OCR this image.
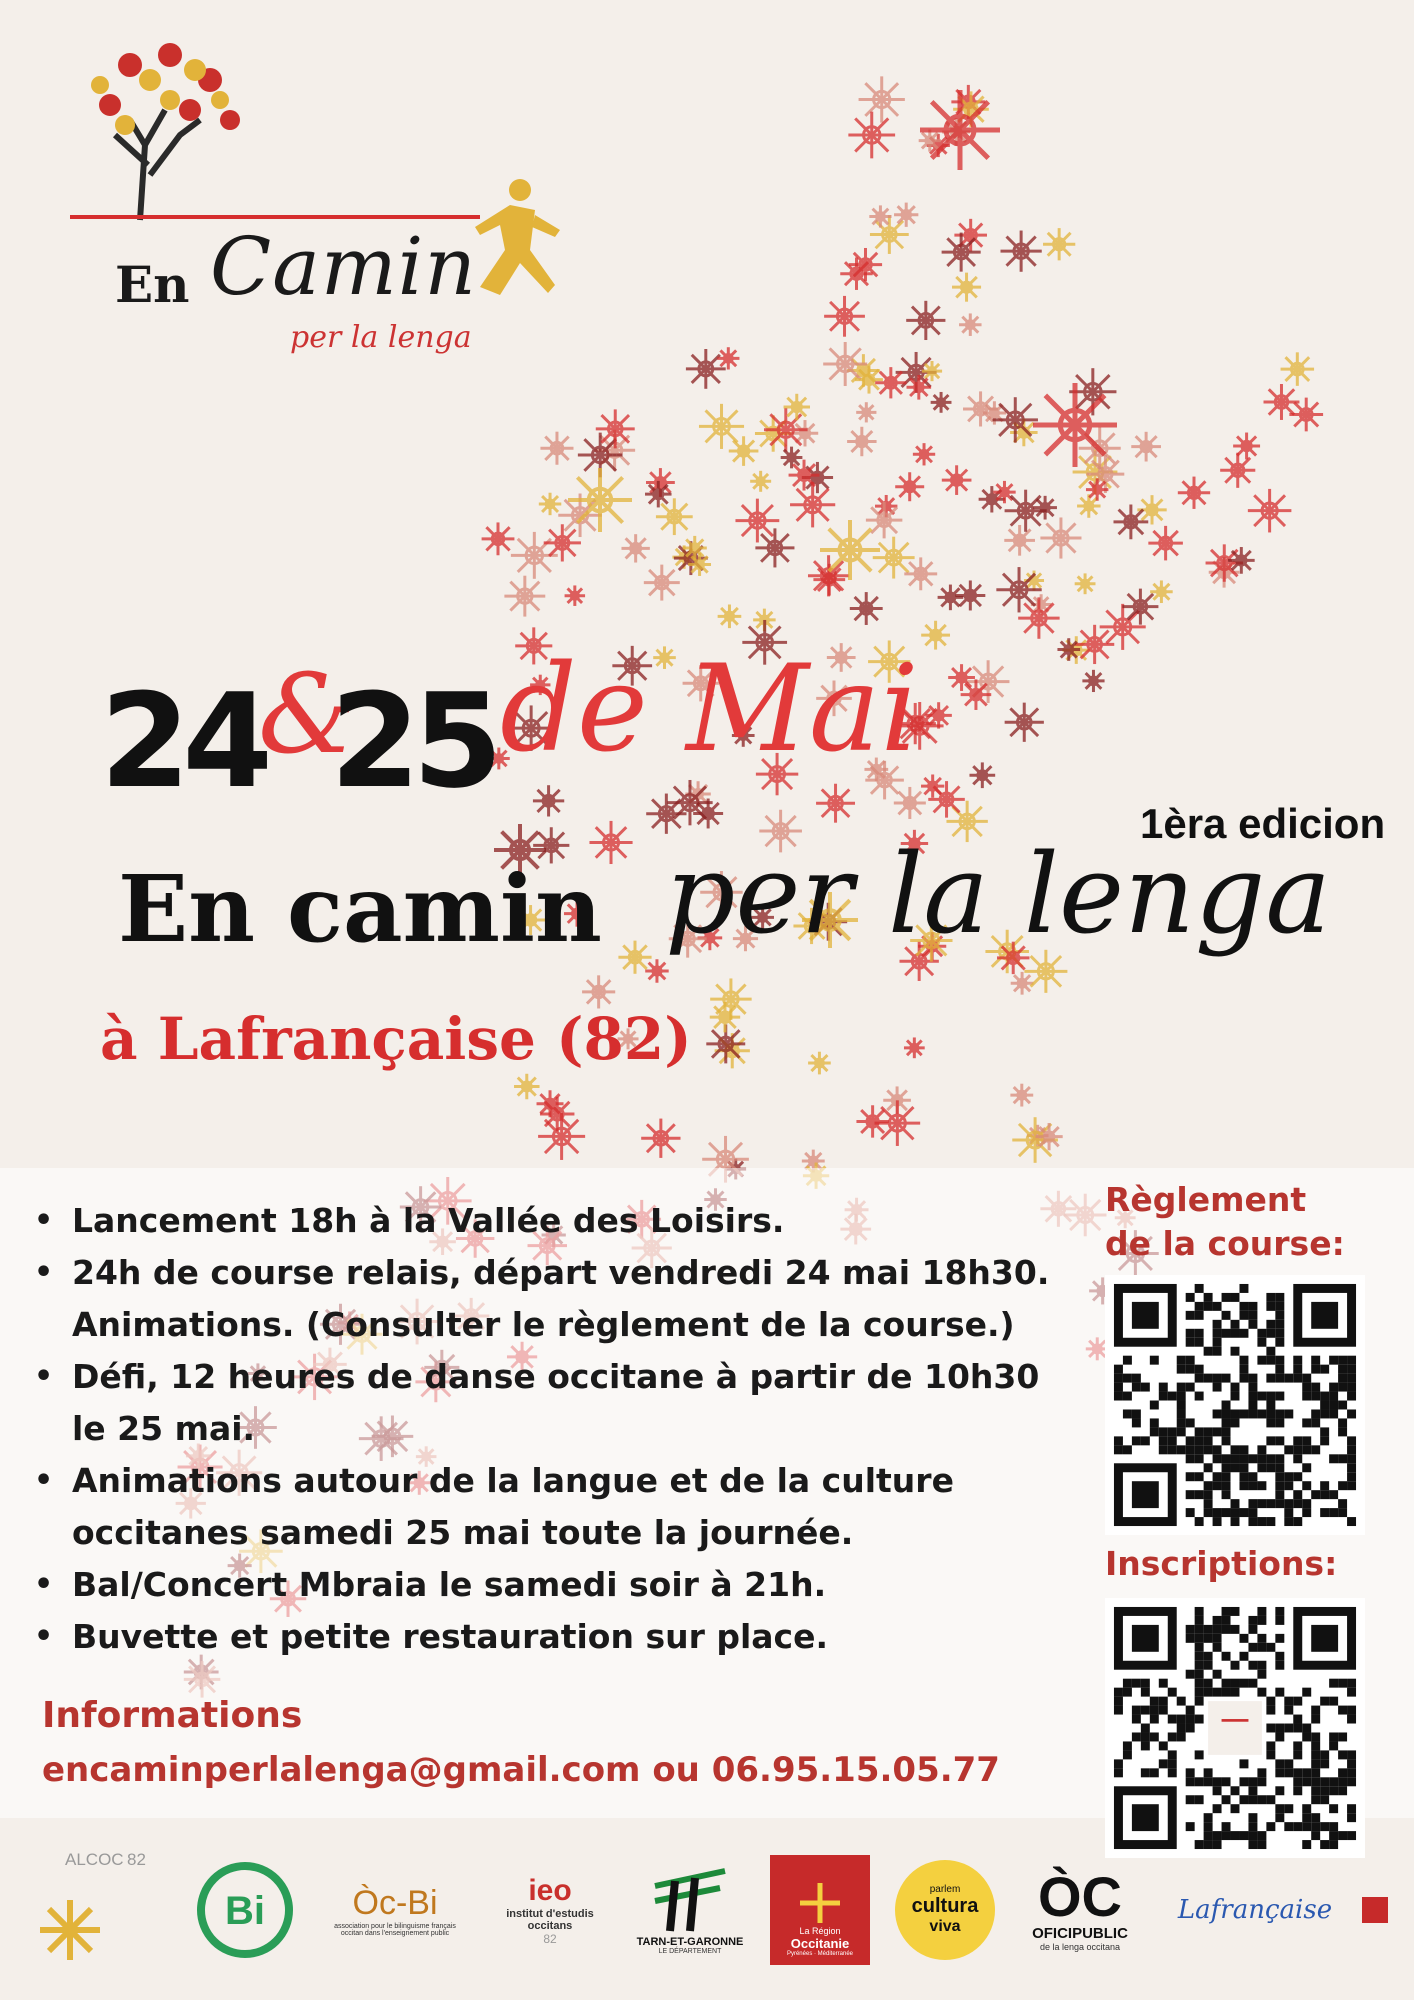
En Camin
per la lenga
24
&
25 de Mai
1èra edicion
En camin per la lenga
à Lafrançaise (82)
• Lancement 18h à la Vallée des Loisirs.
• 24h de course relais, départ vendredi 24 mai 18h30.
Animations. (Consulter le règlement de la course.)
• Défi, 12 heures de danse occitane à partir de 10h30
le 25 mai.
• Animations autour de la langue et de la culture
occitanes samedi 25 mai toute la journée.
• Bal/Concert Mbraia le samedi soir à 21h.
• Buvette et petite restauration sur place.
Informations
encaminperlalenga@gmail.com ou 06.95.15.05.77
Règlement
de la course:
Inscriptions:
ALCOC 82
Bi	Òc-Bi
association pour le bilinguisme français occitan dans l'enseignement public
ieo
institut d'estudis occitans
82	TARN-ET-GARONNE
LE DÉPARTEMENT
La Région
Occitanie
Pyrénées · Méditerranée
parlem
cultura
viva ÒC
OFICIPUBLIC
de la lenga occitana
Lafrançaise
